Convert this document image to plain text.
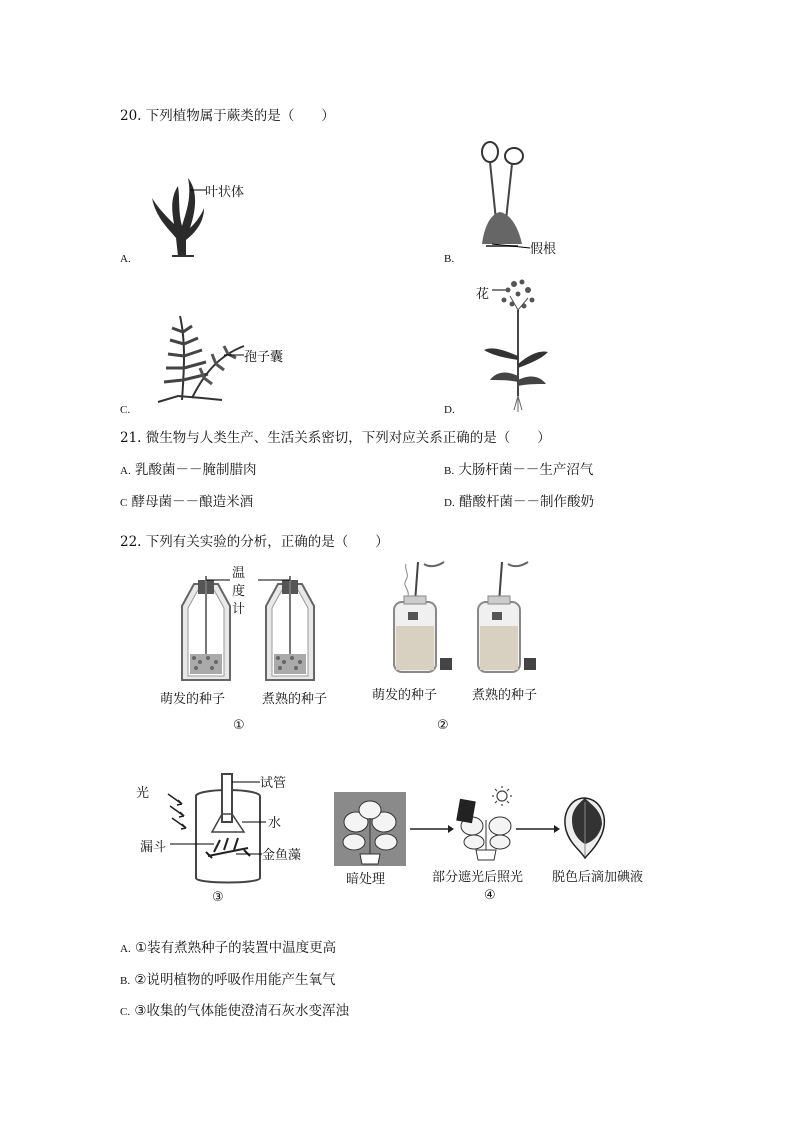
20. 下列植物属于蕨类的是（　　）
叶状体
A.
假根
B.
孢子囊
C.
花
D.
21. 微生物与人类生产、生活关系密切，下列对应关系正确的是（　　）
A. 乳酸菌－－腌制腊肉	B. 大肠杆菌－－生产沼气
C 酵母菌－－酿造米酒	D. 醋酸杆菌－－制作酸奶
22. 下列有关实验的分析，正确的是（　　）
温
度
计
萌发的种子	煮熟的种子
①
萌发的种子	煮熟的种子
②
试管
光
水
漏斗
金鱼藻
③
暗处理	部分遮光后照光 脱色后滴加碘液
④
A. ①装有煮熟种子的装置中温度更高
B. ②说明植物的呼吸作用能产生氧气
C. ③收集的气体能使澄清石灰水变浑浊
